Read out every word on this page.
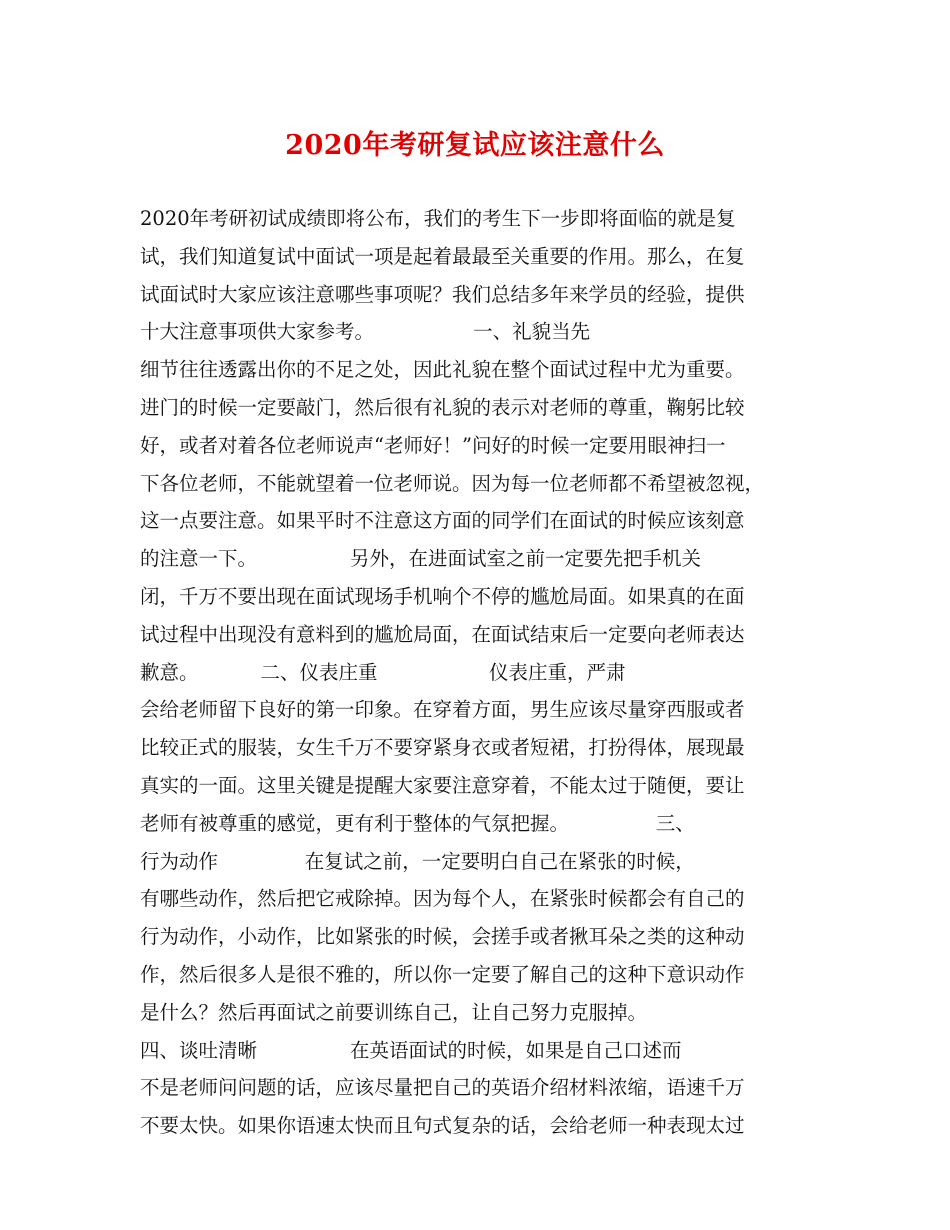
2020年考研复试应该注意什么
2020年考研初试成绩即将公布，我们的考生下一步即将面临的就是复
试，我们知道复试中面试一项是起着最最至关重要的作用。那么，在复
试面试时大家应该注意哪些事项呢？我们总结多年来学员的经验，提供
十大注意事项供大家参考。                一、礼貌当先
细节往往透露出你的不足之处，因此礼貌在整个面试过程中尤为重要。
进门的时候一定要敲门，然后很有礼貌的表示对老师的尊重，鞠躬比较
好，或者对着各位老师说声“老师好！”问好的时候一定要用眼神扫一
下各位老师，不能就望着一位老师说。因为每一位老师都不希望被忽视，
这一点要注意。如果平时不注意这方面的同学们在面试的时候应该刻意
的注意一下。               另外，在进面试室之前一定要先把手机关
闭，千万不要出现在面试现场手机响个不停的尴尬局面。如果真的在面
试过程中出现没有意料到的尴尬局面，在面试结束后一定要向老师表达
歉意。          二、仪表庄重                  仪表庄重，严肃
会给老师留下良好的第一印象。在穿着方面，男生应该尽量穿西服或者
比较正式的服装，女生千万不要穿紧身衣或者短裙，打扮得体，展现最
真实的一面。这里关键是提醒大家要注意穿着，不能太过于随便，要让
老师有被尊重的感觉，更有利于整体的气氛把握。              三、
行为动作              在复试之前，一定要明白自己在紧张的时候，
有哪些动作，然后把它戒除掉。因为每个人，在紧张时候都会有自己的
行为动作，小动作，比如紧张的时候，会搓手或者揪耳朵之类的这种动
作，然后很多人是很不雅的，所以你一定要了解自己的这种下意识动作
是什么？然后再面试之前要训练自己，让自己努力克服掉。
四、谈吐清晰               在英语面试的时候，如果是自己口述而
不是老师问问题的话，应该尽量把自己的英语介绍材料浓缩，语速千万
不要太快。如果你语速太快而且句式复杂的话，会给老师一种表现太过
